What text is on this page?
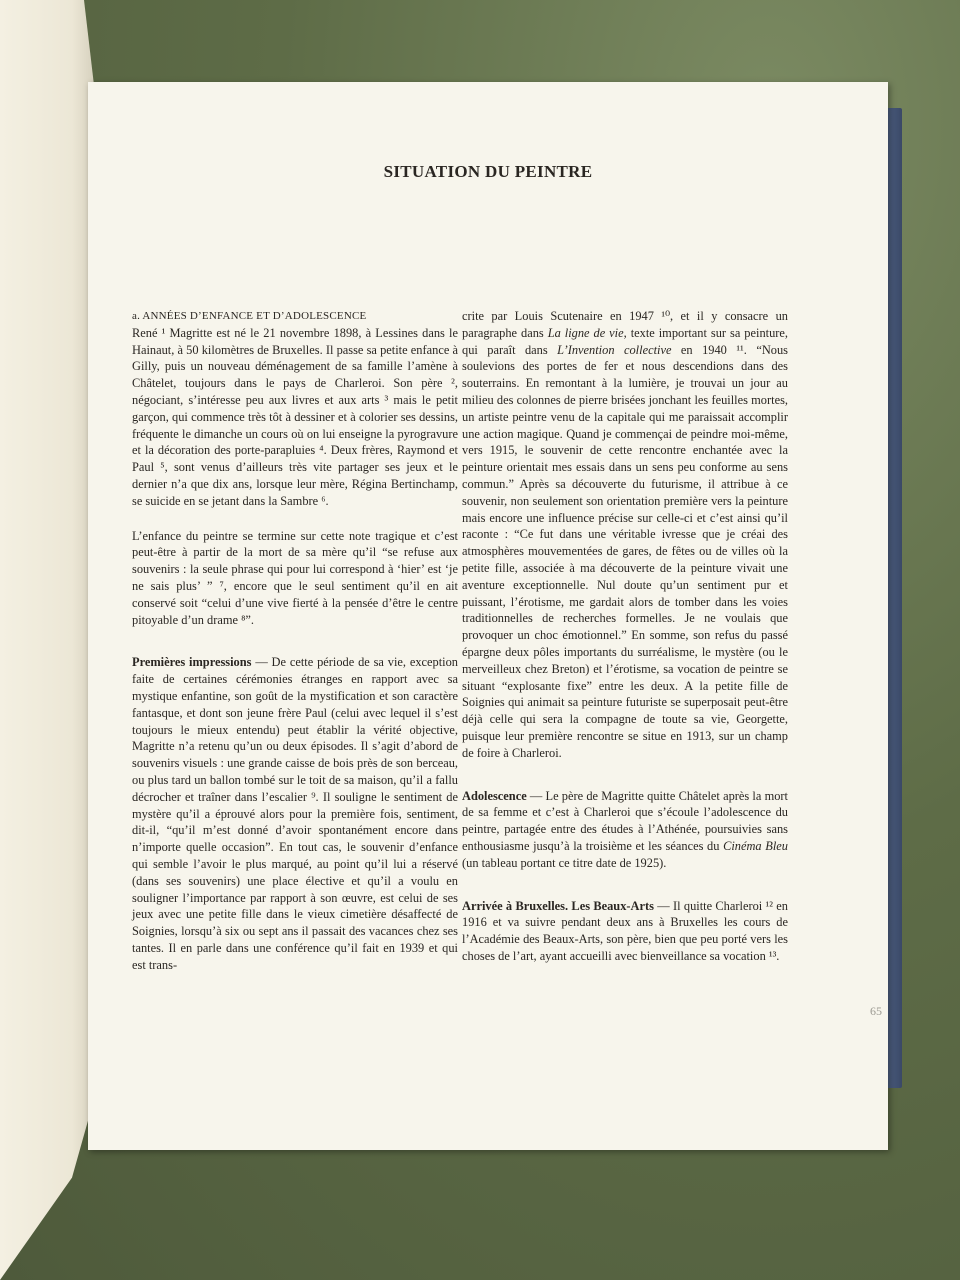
SITUATION DU PEINTRE

a. ANNÉES D’ENFANCE ET D’ADOLESCENCE

René ¹ Magritte est né le 21 novembre 1898, à Lessines dans le Hainaut, à 50 kilomètres de Bruxelles. Il passe sa petite enfance à Gilly, puis un nouveau déménagement de sa famille l’amène à Châtelet, toujours dans le pays de Charleroi. Son père ², négociant, s’intéresse peu aux livres et aux arts ³ mais le petit garçon, qui commence très tôt à dessiner et à colorier ses dessins, fréquente le dimanche un cours où on lui enseigne la pyrogravure et la décoration des porte-parapluies ⁴. Deux frères, Raymond et Paul ⁵, sont venus d’ailleurs très vite partager ses jeux et le dernier n’a que dix ans, lorsque leur mère, Régina Bertinchamp, se suicide en se jetant dans la Sambre ⁶.

L’enfance du peintre se termine sur cette note tragique et c’est peut-être à partir de la mort de sa mère qu’il “se refuse aux souvenirs : la seule phrase qui pour lui correspond à ‘hier’ est ‘je ne sais plus’ ” ⁷, encore que le seul sentiment qu’il en ait conservé soit “celui d’une vive fierté à la pensée d’être le centre pitoyable d’un drame ⁸”.

Premières impressions — De cette période de sa vie, exception faite de certaines cérémonies étranges en rapport avec sa mystique enfantine, son goût de la mystification et son caractère fantasque, et dont son jeune frère Paul (celui avec lequel il s’est toujours le mieux entendu) peut établir la vérité objective, Magritte n’a retenu qu’un ou deux épisodes. Il s’agit d’abord de souvenirs visuels : une grande caisse de bois près de son berceau, ou plus tard un ballon tombé sur le toit de sa maison, qu’il a fallu décrocher et traîner dans l’escalier ⁹. Il souligne le sentiment de mystère qu’il a éprouvé alors pour la première fois, sentiment, dit-il, “qu’il m’est donné d’avoir spontanément encore dans n’importe quelle occasion”. En tout cas, le souvenir d’enfance qui semble l’avoir le plus marqué, au point qu’il lui a réservé (dans ses souvenirs) une place élective et qu’il a voulu en souligner l’importance par rapport à son œuvre, est celui de ses jeux avec une petite fille dans le vieux cimetière désaffecté de Soignies, lorsqu’à six ou sept ans il passait des vacances chez ses tantes. Il en parle dans une conférence qu’il fait en 1939 et qui est trans-

crite par Louis Scutenaire en 1947 ¹⁰, et il y consacre un paragraphe dans La ligne de vie, texte important sur sa peinture, qui paraît dans L’Invention collective en 1940 ¹¹. “Nous soulevions des portes de fer et nous descendions dans des souterrains. En remontant à la lumière, je trouvai un jour au milieu des colonnes de pierre brisées jonchant les feuilles mortes, un artiste peintre venu de la capitale qui me paraissait accomplir une action magique. Quand je commençai de peindre moi-même, vers 1915, le souvenir de cette rencontre enchantée avec la peinture orientait mes essais dans un sens peu conforme au sens commun.” Après sa découverte du futurisme, il attribue à ce souvenir, non seulement son orientation première vers la peinture mais encore une influence précise sur celle-ci et c’est ainsi qu’il raconte : “Ce fut dans une véritable ivresse que je créai des atmosphères mouvementées de gares, de fêtes ou de villes où la petite fille, associée à ma découverte de la peinture vivait une aventure exceptionnelle. Nul doute qu’un sentiment pur et puissant, l’érotisme, me gardait alors de tomber dans les voies traditionnelles de recherches formelles. Je ne voulais que provoquer un choc émotionnel.” En somme, son refus du passé épargne deux pôles importants du surréalisme, le mystère (ou le merveilleux chez Breton) et l’érotisme, sa vocation de peintre se situant “explosante fixe” entre les deux. A la petite fille de Soignies qui animait sa peinture futuriste se superposait peut-être déjà celle qui sera la compagne de toute sa vie, Georgette, puisque leur première rencontre se situe en 1913, sur un champ de foire à Charleroi.

Adolescence — Le père de Magritte quitte Châtelet après la mort de sa femme et c’est à Charleroi que s’écoule l’adolescence du peintre, partagée entre des études à l’Athénée, poursuivies sans enthousiasme jusqu’à la troisième et les séances du Cinéma Bleu (un tableau portant ce titre date de 1925).

Arrivée à Bruxelles. Les Beaux-Arts — Il quitte Charleroi ¹² en 1916 et va suivre pendant deux ans à Bruxelles les cours de l’Académie des Beaux-Arts, son père, bien que peu porté vers les choses de l’art, ayant accueilli avec bienveillance sa vocation ¹³.

65
